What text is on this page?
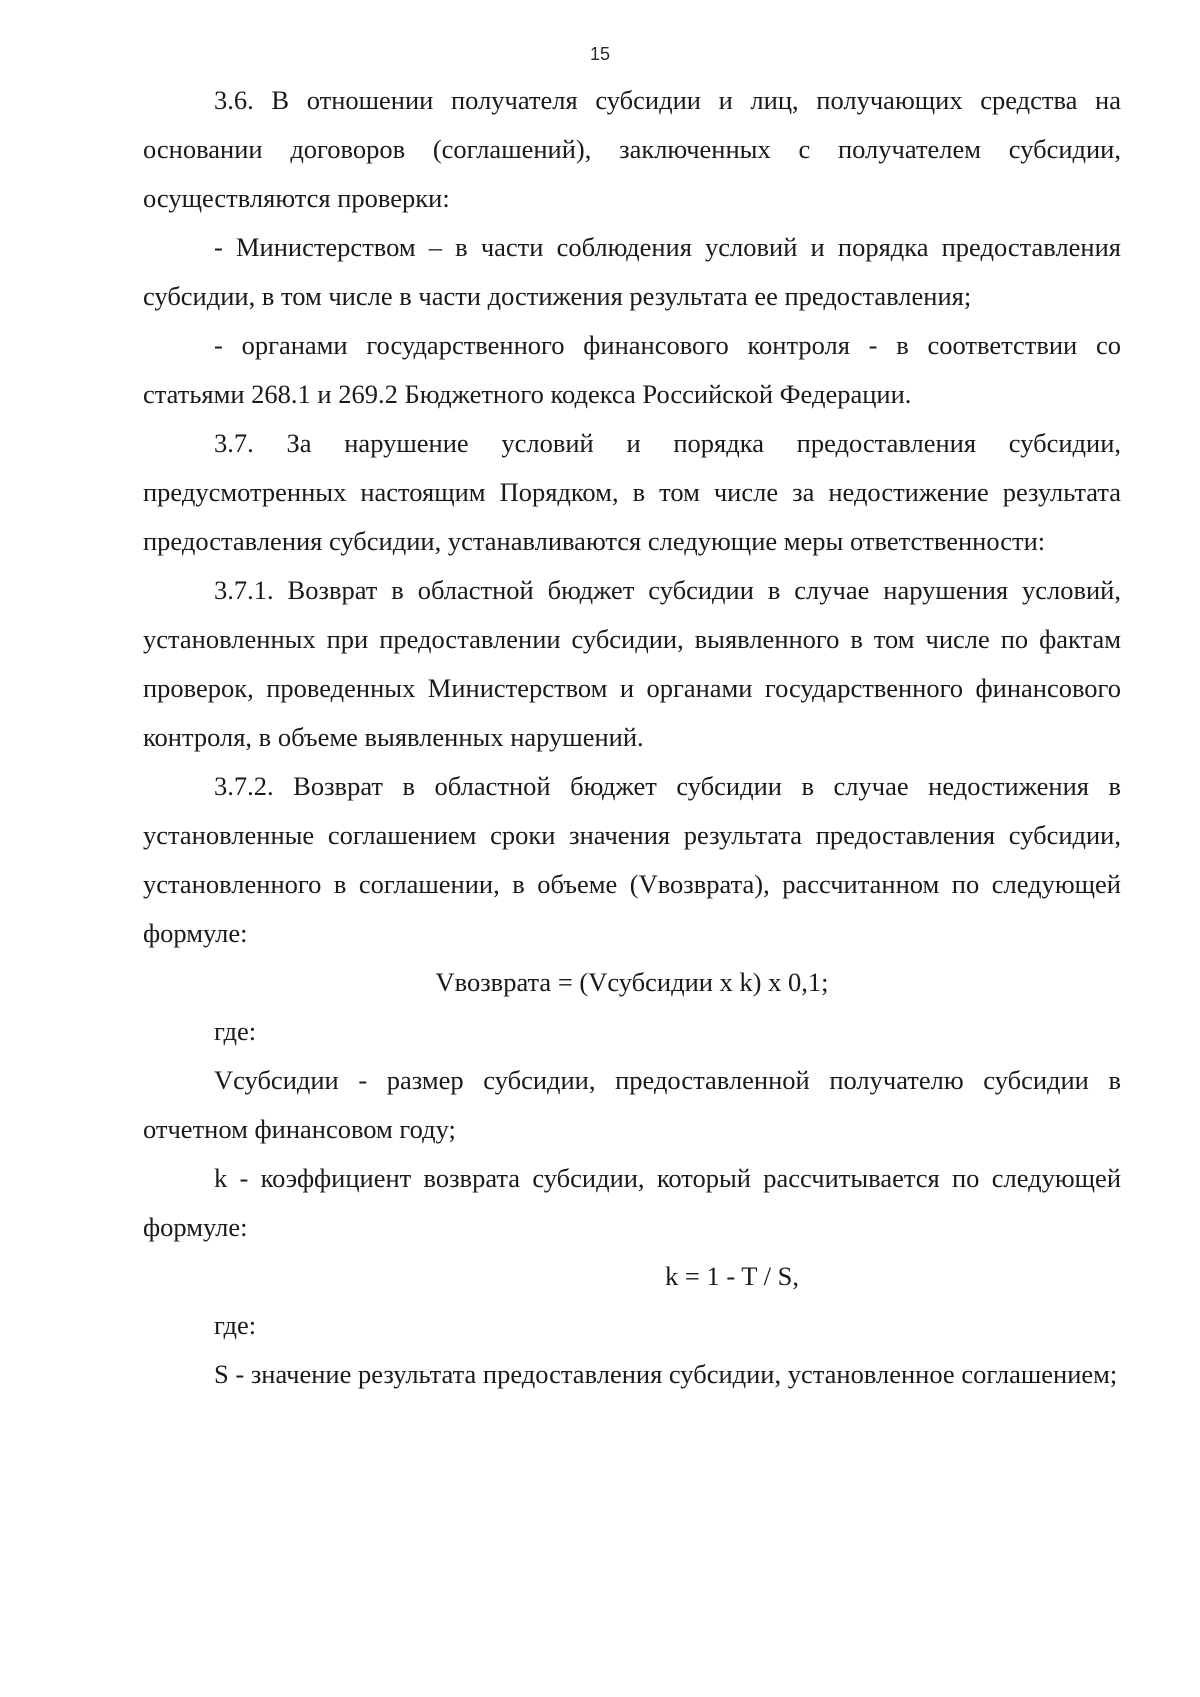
15

3.6. В отношении получателя субсидии и лиц, получающих средства на основании договоров (соглашений), заключенных с получателем субсидии, осуществляются проверки:

- Министерством – в части соблюдения условий и порядка предоставления субсидии, в том числе в части достижения результата ее предоставления;

- органами государственного финансового контроля - в соответствии со статьями 268.1 и 269.2 Бюджетного кодекса Российской Федерации.

3.7. За нарушение условий и порядка предоставления субсидии, предусмотренных настоящим Порядком, в том числе за недостижение результата предоставления субсидии, устанавливаются следующие меры ответственности:

3.7.1. Возврат в областной бюджет субсидии в случае нарушения условий, установленных при предоставлении субсидии, выявленного в том числе по фактам проверок, проведенных Министерством и органами государственного финансового контроля, в объеме выявленных нарушений.

3.7.2. Возврат в областной бюджет субсидии в случае недостижения в установленные соглашением сроки значения результата предоставления субсидии, установленного в соглашении, в объеме (Vвозврата), рассчитанном по следующей формуле:

Vвозврата = (Vсубсидии x k) x 0,1;

где:

Vсубсидии - размер субсидии, предоставленной получателю субсидии в отчетном финансовом году;

k - коэффициент возврата субсидии, который рассчитывается по следующей формуле:

k = 1 - T / S,

где:

S - значение результата предоставления субсидии, установленное соглашением;
